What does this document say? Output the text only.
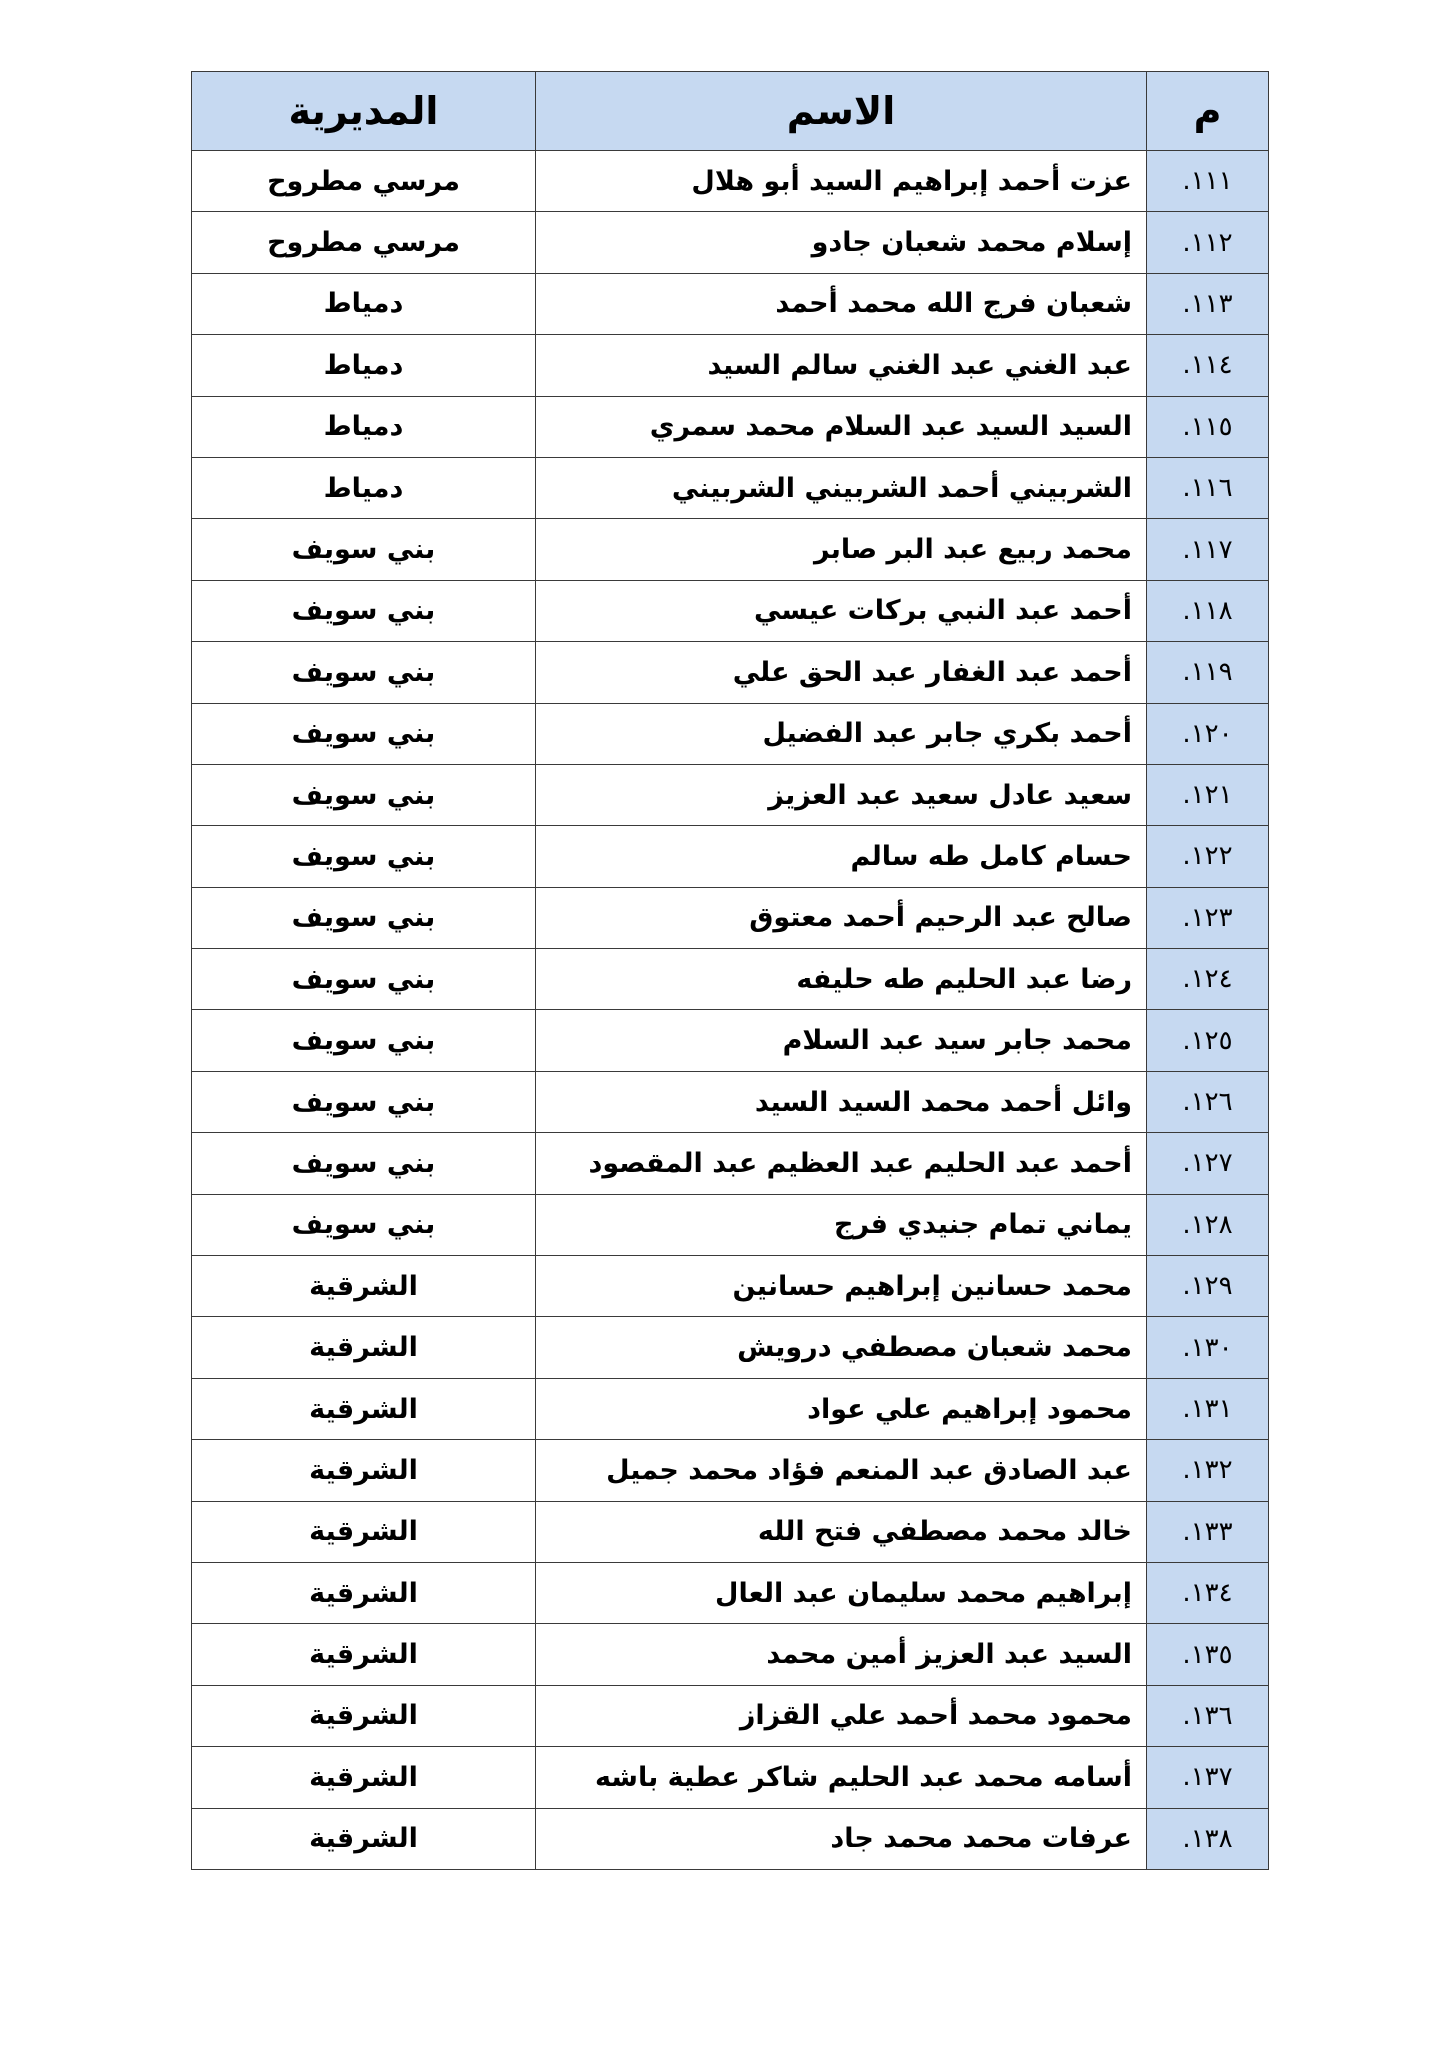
م	الاسم	المديرية
١١١.	عزت أحمد إبراهيم السيد أبو هلال	مرسي مطروح
١١٢.	إسلام محمد شعبان جادو	مرسي مطروح
١١٣.	شعبان فرج الله محمد أحمد	دمياط
١١٤.	عبد الغني عبد الغني سالم السيد	دمياط
١١٥.	السيد السيد عبد السلام محمد سمري	دمياط
١١٦.	الشربيني أحمد الشربيني الشربيني	دمياط
١١٧.	محمد ربيع عبد البر صابر	بني سويف
١١٨.	أحمد عبد النبي بركات عيسي	بني سويف
١١٩.	أحمد عبد الغفار عبد الحق علي	بني سويف
١٢٠.	أحمد بكري جابر عبد الفضيل	بني سويف
١٢١.	سعيد عادل سعيد عبد العزيز	بني سويف
١٢٢.	حسام كامل طه سالم	بني سويف
١٢٣.	صالح عبد الرحيم أحمد معتوق	بني سويف
١٢٤.	رضا عبد الحليم طه حليفه	بني سويف
١٢٥.	محمد جابر سيد عبد السلام	بني سويف
١٢٦.	وائل أحمد محمد السيد السيد	بني سويف
١٢٧.	أحمد عبد الحليم عبد العظيم عبد المقصود	بني سويف
١٢٨.	يماني تمام جنيدي فرج	بني سويف
١٢٩.	محمد حسانين إبراهيم حسانين	الشرقية
١٣٠.	محمد شعبان مصطفي درويش	الشرقية
١٣١.	محمود إبراهيم علي عواد	الشرقية
١٣٢.	عبد الصادق عبد المنعم فؤاد محمد جميل	الشرقية
١٣٣.	خالد محمد مصطفي فتح الله	الشرقية
١٣٤.	إبراهيم محمد سليمان عبد العال	الشرقية
١٣٥.	السيد عبد العزيز أمين محمد	الشرقية
١٣٦.	محمود محمد أحمد علي القزاز	الشرقية
١٣٧.	أسامه محمد عبد الحليم شاكر عطية باشه	الشرقية
١٣٨.	عرفات محمد محمد جاد	الشرقية
